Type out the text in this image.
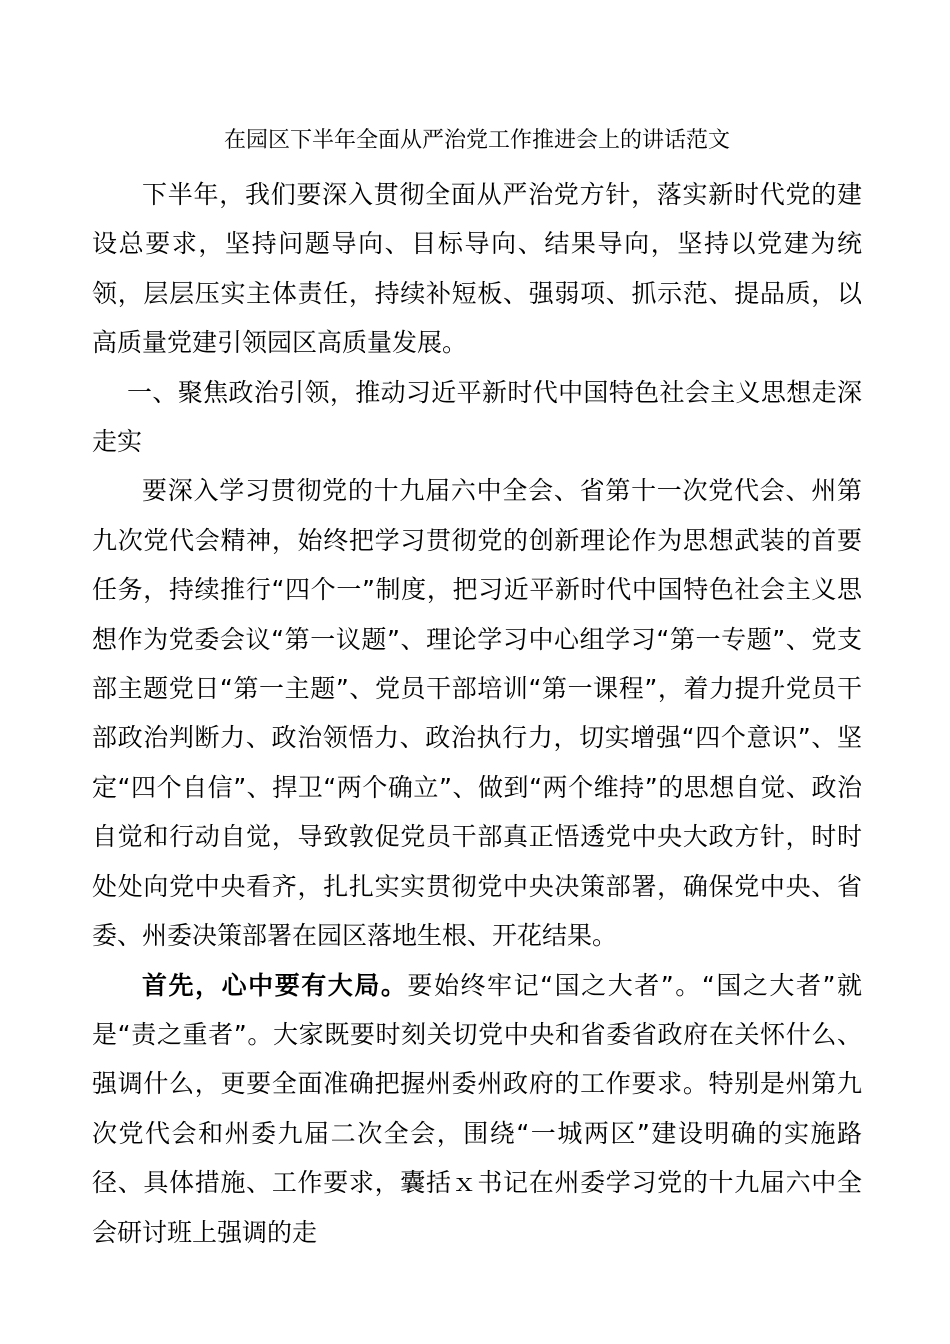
在园区下半年全面从严治党工作推进会上的讲话范文

下半年，我们要深入贯彻全面从严治党方针，落实新时代党的建设总要求，坚持问题导向、目标导向、结果导向，坚持以党建为统领，层层压实主体责任，持续补短板、强弱项、抓示范、提品质，以高质量党建引领园区高质量发展。

一、聚焦政治引领，推动习近平新时代中国特色社会主义思想走深走实

要深入学习贯彻党的十九届六中全会、省第十一次党代会、州第九次党代会精神，始终把学习贯彻党的创新理论作为思想武装的首要任务，持续推行“四个一”制度，把习近平新时代中国特色社会主义思想作为党委会议“第一议题”、理论学习中心组学习“第一专题”、党支部主题党日“第一主题”、党员干部培训“第一课程”，着力提升党员干部政治判断力、政治领悟力、政治执行力，切实增强“四个意识”、坚定“四个自信”、捍卫“两个确立”、做到“两个维持”的思想自觉、政治自觉和行动自觉，导致敦促党员干部真正悟透党中央大政方针，时时处处向党中央看齐，扎扎实实贯彻党中央决策部署，确保党中央、省委、州委决策部署在园区落地生根、开花结果。

首先，心中要有大局。要始终牢记“国之大者”。“国之大者”就是“责之重者”。大家既要时刻关切党中央和省委省政府在关怀什么、强调什么，更要全面准确把握州委州政府的工作要求。特别是州第九次党代会和州委九届二次全会，围绕“一城两区”建设明确的实施路径、具体措施、工作要求，囊括ｘ书记在州委学习党的十九届六中全会研讨班上强调的走
